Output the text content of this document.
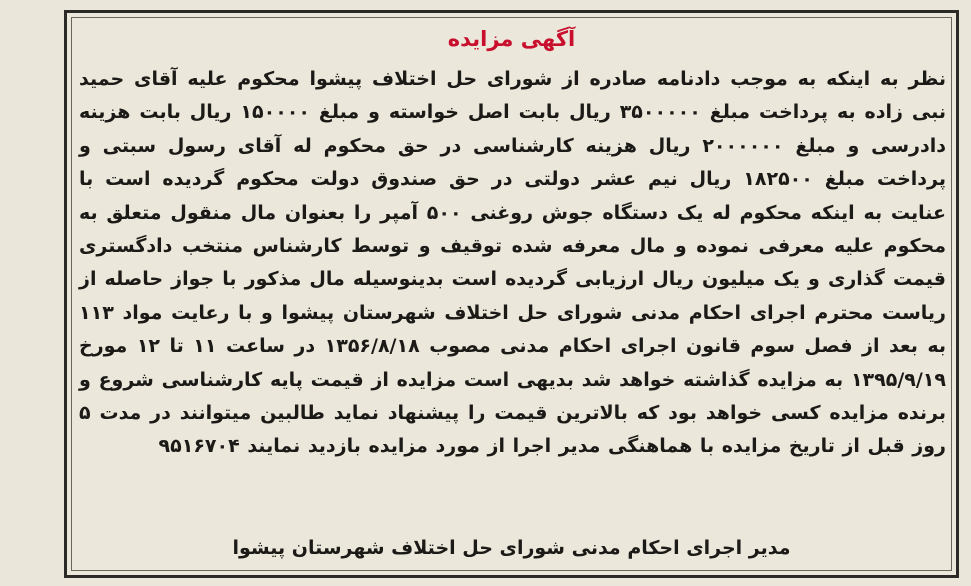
آگهی مزایده
نظر به اینکه به موجب دادنامه صادره از شورای حل اختلاف پیشوا محکوم علیه آقای حمید نبی زاده به پرداخت مبلغ ۳۵۰۰۰۰۰ ریال بابت اصل خواسته و مبلغ ۱۵۰۰۰۰ ریال بابت هزینه دادرسی و مبلغ ۲۰۰۰۰۰۰ ریال هزینه کارشناسی در حق محکوم له آقای رسول سبتی و پرداخت مبلغ ۱۸۲۵۰۰ ریال نیم عشر دولتی در حق صندوق دولت محکوم گردیده است با عنایت به اینکه محکوم له یک دستگاه جوش روغنی ۵۰۰ آمپر را بعنوان مال منقول متعلق به محکوم علیه معرفی نموده و مال معرفه شده توقیف و توسط کارشناس منتخب دادگستری قیمت گذاری و یک میلیون ریال ارزیابی گردیده است بدینوسیله مال مذکور با جواز حاصله از ریاست محترم اجرای احکام مدنی شورای حل اختلاف شهرستان پیشوا و با رعایت مواد ۱۱۳ به بعد از فصل سوم قانون اجرای احکام مدنی مصوب ۱۳۵۶/۸/۱۸ در ساعت ۱۱ تا ۱۲ مورخ ۱۳۹۵/۹/۱۹ به مزایده گذاشته خواهد شد بدیهی است مزایده از قیمت پایه کارشناسی شروع و برنده مزایده کسی خواهد بود که بالاترین قیمت را پیشنهاد نماید طالبین میتوانند در مدت ۵ روز قبل از تاریخ مزایده با هماهنگی مدیر اجرا از مورد مزایده بازدید نمایند ۹۵۱۶۷۰۴
مدیر اجرای احکام مدنی شورای حل اختلاف شهرستان پیشوا
